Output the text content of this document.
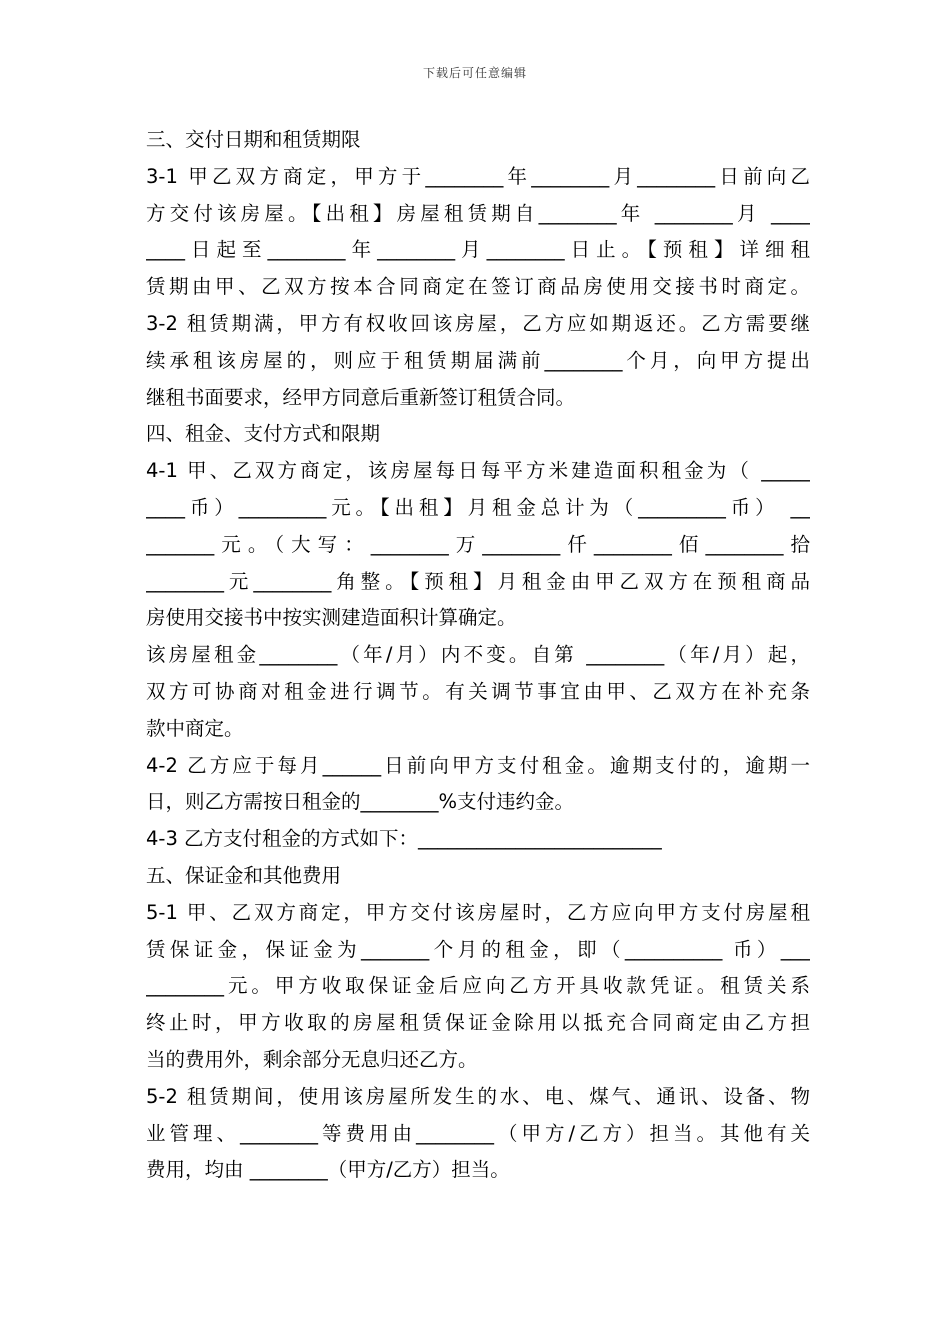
下载后可任意编辑
三、交付日期和租赁期限
3-1 甲乙双方商定，甲方于________年________月________日前向乙
方交付该房屋。【出租】房屋租赁期自________年 ________月 ____
____日起至________年________月________日止。【预租】详细租
赁期由甲、乙双方按本合同商定在签订商品房使用交接书时商定。
3-2 租赁期满，甲方有权收回该房屋，乙方应如期返还。乙方需要继
续承租该房屋的，则应于租赁期届满前________个月，向甲方提出
继租书面要求，经甲方同意后重新签订租赁合同。
四、租金、支付方式和限期
4-1 甲、乙双方商定，该房屋每日每平方米建造面积租金为（ _____
____币）_________元。【出租】月租金总计为（_________币） __
_______元。（大写：________万________仟________佰________拾
________元________角整。【预租】月租金由甲乙双方在预租商品
房使用交接书中按实测建造面积计算确定。
该房屋租金________（年/月）内不变。自第 ________（年/月）起，
双方可协商对租金进行调节。有关调节事宜由甲、乙双方在补充条
款中商定。
4-2 乙方应于每月______日前向甲方支付租金。逾期支付的，逾期一
日，则乙方需按日租金的________%支付违约金。
4-3 乙方支付租金的方式如下：_________________________
五、保证金和其他费用
5-1 甲、乙双方商定，甲方交付该房屋时，乙方应向甲方支付房屋租
赁保证金，保证金为_______个月的租金，即（__________ 币）___
________元。甲方收取保证金后应向乙方开具收款凭证。租赁关系
终止时，甲方收取的房屋租赁保证金除用以抵充合同商定由乙方担
当的费用外，剩余部分无息归还乙方。
5-2 租赁期间，使用该房屋所发生的水、电、煤气、通讯、设备、物
业管理、________等费用由________（甲方/乙方）担当。其他有关
费用，均由 ________（甲方/乙方）担当。
